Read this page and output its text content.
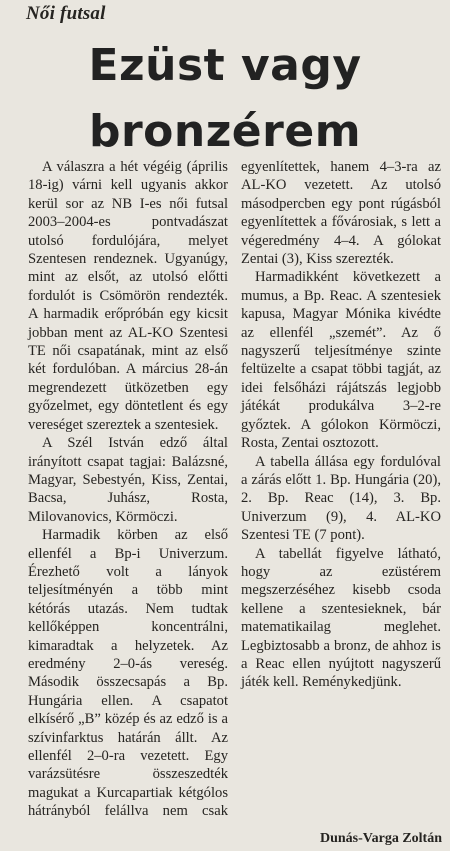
Női futsal
Ezüst vagy
bronzérem

A válaszra a hét végéig (április 18-ig) várni kell ugyanis akkor kerül sor az NB I-es női futsal 2003–2004-es pontvadászat utolsó fordulójára, melyet Szentesen rendeznek. Ugyanúgy, mint az elsőt, az utolsó előtti fordulót is Csömörön rendezték. A harmadik erőpróbán egy kicsit jobban ment az AL-KO Szentesi TE női csapatának, mint az első két fordulóban. A március 28-án megrendezett ütközetben egy győzelmet, egy döntetlent és egy vereséget szereztek a szentesiek.

A Szél István edző által irányított csapat tagjai: Balázsné, Magyar, Sebestyén, Kiss, Zentai, Bacsa, Juhász, Rosta, Milovanovics, Körmöczi.

Harmadik körben az első ellenfél a Bp-i Univerzum. Érezhető volt a lányok teljesítményén a több mint kétórás utazás. Nem tudtak kellőképpen koncentrálni, kimaradtak a helyzetek. Az eredmény 2–0-ás vereség. Második összecsapás a Bp. Hungária ellen. A csapatot elkísérő „B” közép és az edző is a szívinfarktus határán állt. Az ellenfél 2–0-ra vezetett. Egy varázsütésre összeszedték magukat a Kurcapartiak kétgólos hátrányból felállva nem csak egyenlítettek, hanem 4–3-ra az AL-KO vezetett. Az utolsó másodpercben egy pont rúgásból egyenlítettek a fővárosiak, s lett a végeredmény 4–4. A gólokat Zentai (3), Kiss szerezték.

Harmadikként következett a mumus, a Bp. Reac. A szentesiek kapusa, Magyar Mónika kivédte az ellenfél „szemét”. Az ő nagyszerű teljesítménye szinte feltüzelte a csapat többi tagját, az idei felsőházi rájátszás legjobb játékát produkálva 3–2-re győztek. A gólokon Körmöczi, Rosta, Zentai osztozott.

A tabella állása egy fordulóval a zárás előtt 1. Bp. Hungária (20), 2. Bp. Reac (14), 3. Bp. Univerzum (9), 4. AL-KO Szentesi TE (7 pont).

A tabellát figyelve látható, hogy az ezüstérem megszerzéséhez kisebb csoda kellene a szentesieknek, bár matematikailag meglehet. Legbiztosabb a bronz, de ahhoz is a Reac ellen nyújtott nagyszerű játék kell. Reménykedjünk.

Dunás-Varga Zoltán
